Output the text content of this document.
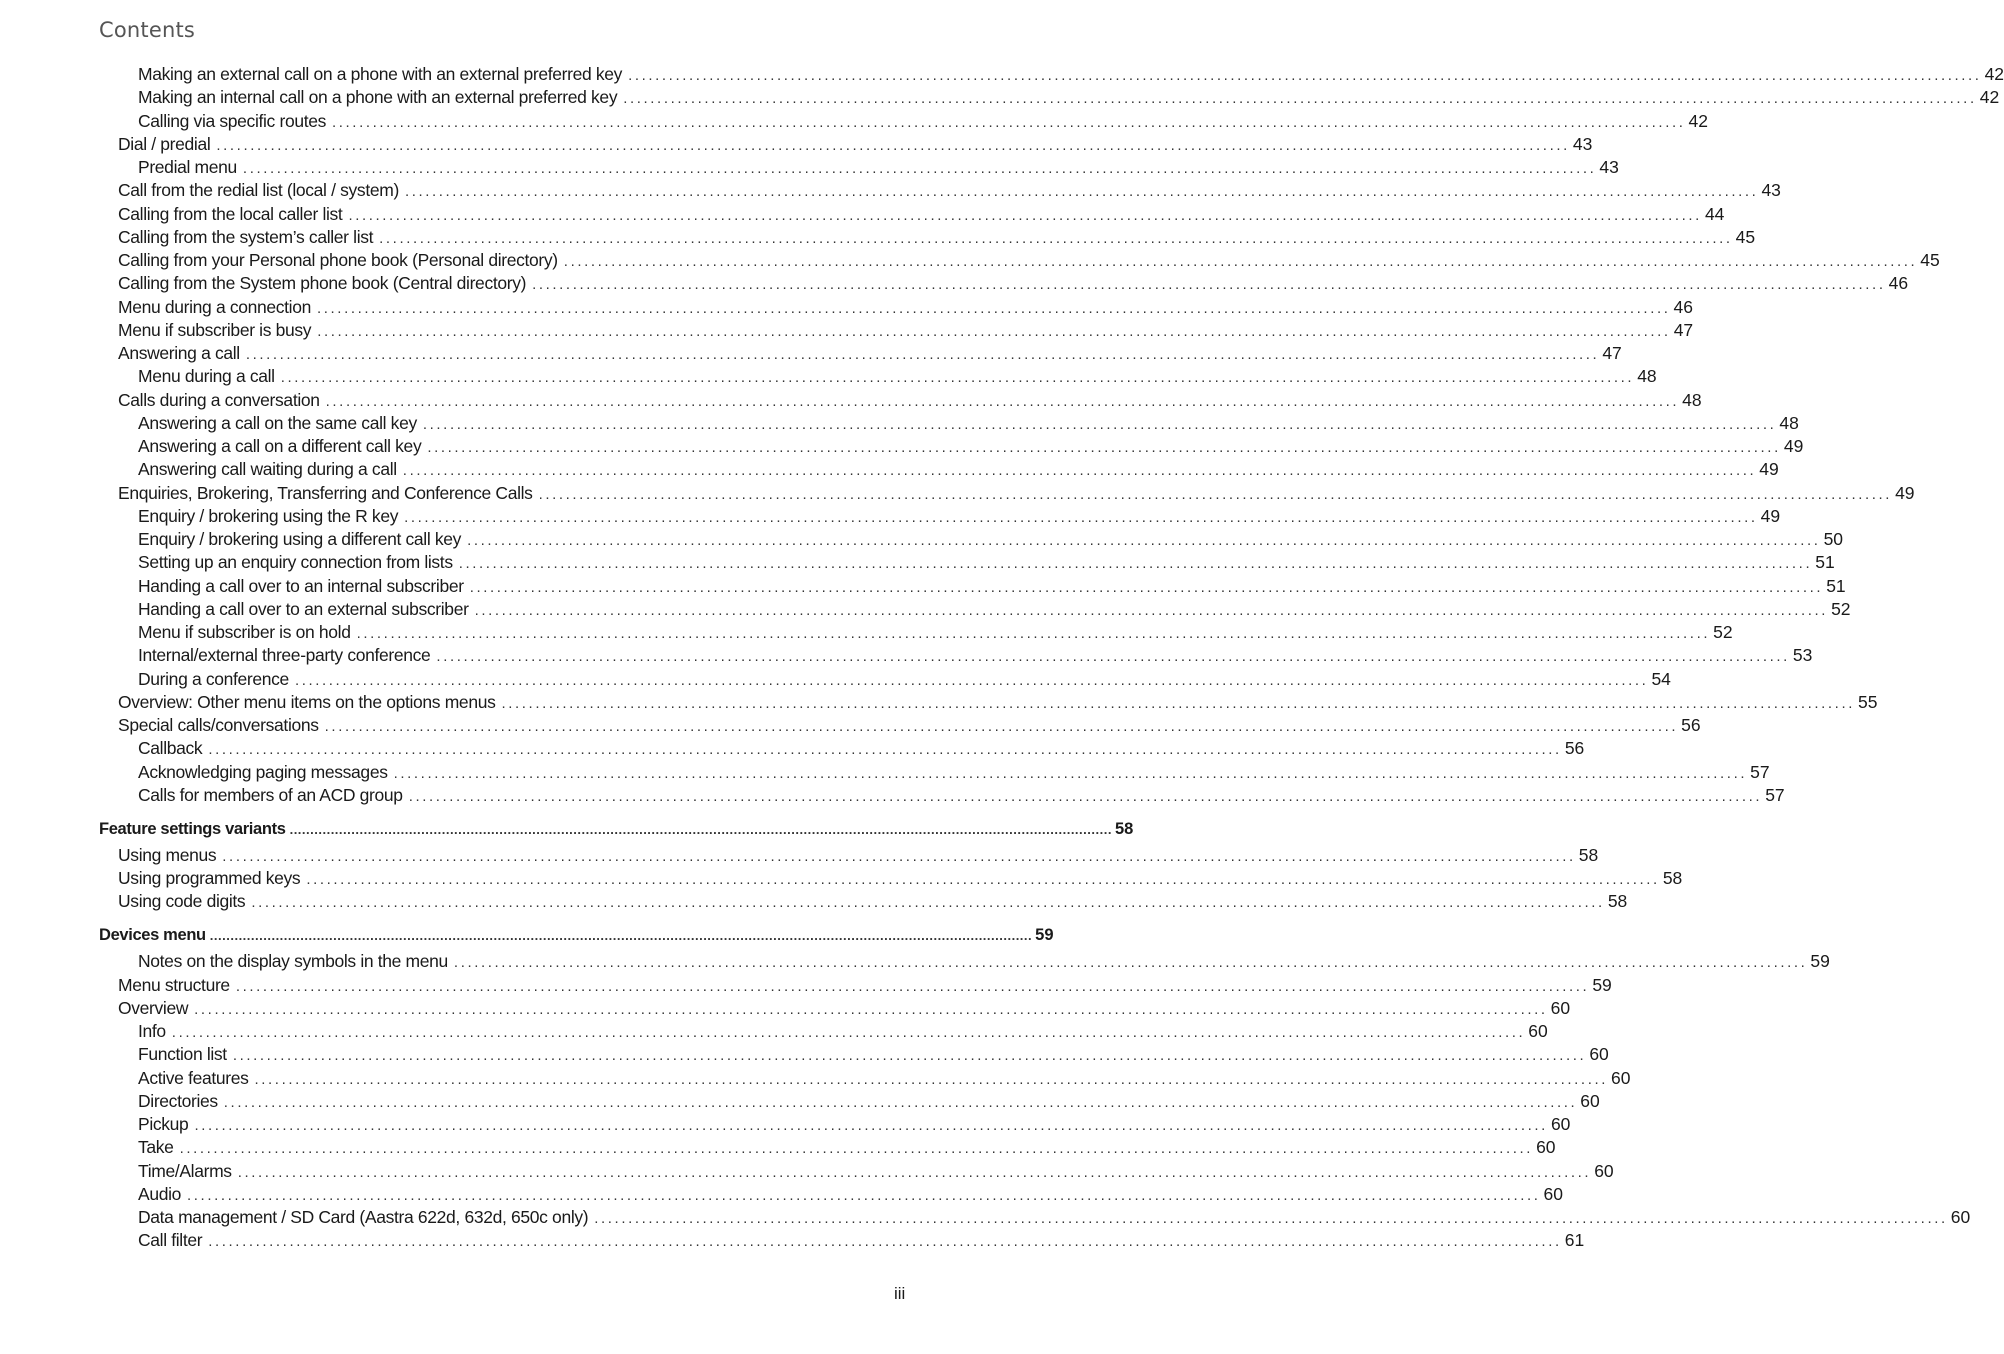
Contents
Making an external call on a phone with an external preferred key ........................................................................................................................................................................................................ 42
Making an internal call on a phone with an external preferred key ........................................................................................................................................................................................................ 42
Calling via specific routes ........................................................................................................................................................................................................ 42
Dial / predial ........................................................................................................................................................................................................ 43
Predial menu ........................................................................................................................................................................................................ 43
Call from the redial list (local / system) ........................................................................................................................................................................................................ 43
Calling from the local caller list ........................................................................................................................................................................................................ 44
Calling from the system’s caller list ........................................................................................................................................................................................................ 45
Calling from your Personal phone book (Personal directory) ........................................................................................................................................................................................................ 45
Calling from the System phone book (Central directory) ........................................................................................................................................................................................................ 46
Menu during a connection ........................................................................................................................................................................................................ 46
Menu if subscriber is busy ........................................................................................................................................................................................................ 47
Answering a call ........................................................................................................................................................................................................ 47
Menu during a call ........................................................................................................................................................................................................ 48
Calls during a conversation ........................................................................................................................................................................................................ 48
Answering a call on the same call key ........................................................................................................................................................................................................ 48
Answering a call on a different call key ........................................................................................................................................................................................................ 49
Answering call waiting during a call ........................................................................................................................................................................................................ 49
Enquiries, Brokering, Transferring and Conference Calls ........................................................................................................................................................................................................ 49
Enquiry / brokering using the R key ........................................................................................................................................................................................................ 49
Enquiry / brokering using a different call key ........................................................................................................................................................................................................ 50
Setting up an enquiry connection from lists ........................................................................................................................................................................................................ 51
Handing a call over to an internal subscriber ........................................................................................................................................................................................................ 51
Handing a call over to an external subscriber ........................................................................................................................................................................................................ 52
Menu if subscriber is on hold ........................................................................................................................................................................................................ 52
Internal/external three-party conference ........................................................................................................................................................................................................ 53
During a conference ........................................................................................................................................................................................................ 54
Overview: Other menu items on the options menus ........................................................................................................................................................................................................ 55
Special calls/conversations ........................................................................................................................................................................................................ 56
Callback ........................................................................................................................................................................................................ 56
Acknowledging paging messages ........................................................................................................................................................................................................ 57
Calls for members of an ACD group ........................................................................................................................................................................................................ 57
Feature settings variants ........................................................................................................................................................................................................ 58
Using menus ........................................................................................................................................................................................................ 58
Using programmed keys ........................................................................................................................................................................................................ 58
Using code digits ........................................................................................................................................................................................................ 58
Devices menu ........................................................................................................................................................................................................ 59
Notes on the display symbols in the menu ........................................................................................................................................................................................................ 59
Menu structure ........................................................................................................................................................................................................ 59
Overview ........................................................................................................................................................................................................ 60
Info ........................................................................................................................................................................................................ 60
Function list ........................................................................................................................................................................................................ 60
Active features ........................................................................................................................................................................................................ 60
Directories ........................................................................................................................................................................................................ 60
Pickup ........................................................................................................................................................................................................ 60
Take ........................................................................................................................................................................................................ 60
Time/Alarms ........................................................................................................................................................................................................ 60
Audio ........................................................................................................................................................................................................ 60
Data management / SD Card (Aastra 622d, 632d, 650c only) ........................................................................................................................................................................................................ 60
Call filter ........................................................................................................................................................................................................ 61
iii
